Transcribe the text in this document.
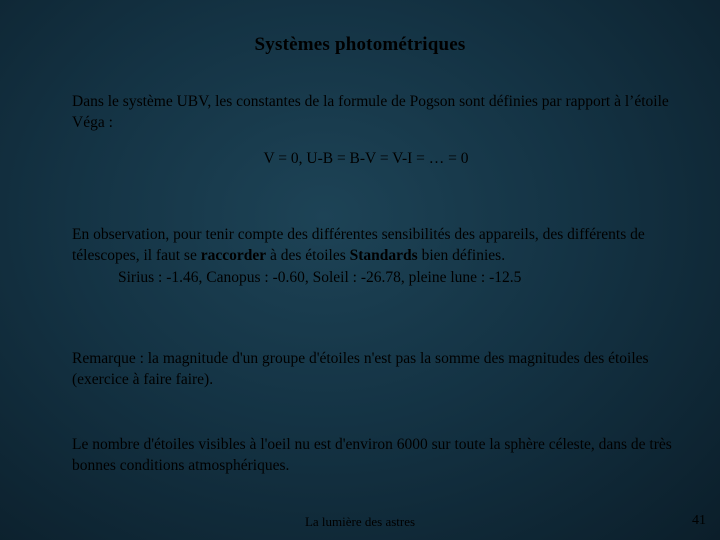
Systèmes photométriques
Dans le système UBV, les constantes de la formule de Pogson sont définies par rapport à l’étoile Véga :
V = 0, U-B = B-V = V-I = … = 0
En observation, pour tenir compte des différentes sensibilités des appareils, des différents de télescopes, il faut se raccorder à des étoiles Standards bien définies.
Sirius : -1.46, Canopus : -0.60, Soleil : -26.78, pleine lune : -12.5
Remarque : la magnitude d'un groupe d'étoiles n'est pas la somme des magnitudes des étoiles (exercice à faire faire).
Le nombre d'étoiles visibles à l'oeil nu est d'environ 6000 sur toute la sphère céleste, dans de très bonnes conditions atmosphériques.
La lumière des astres	41
